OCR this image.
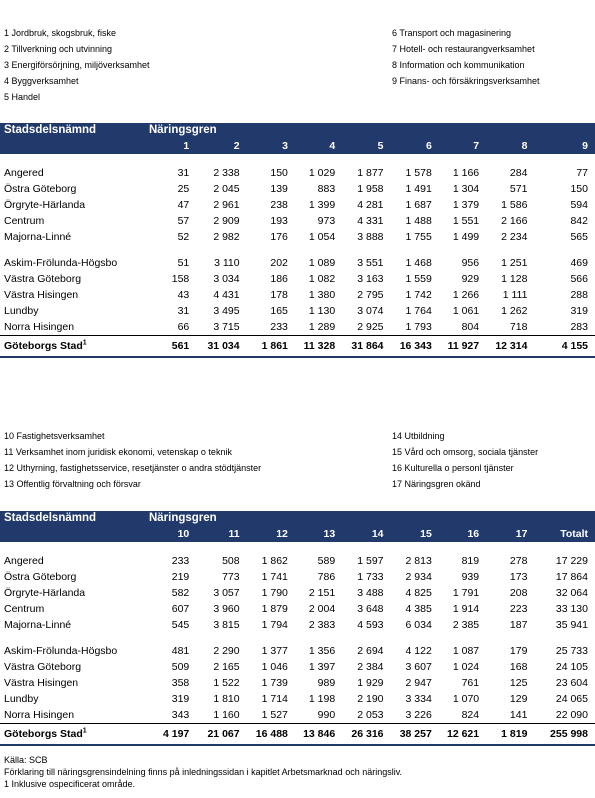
1 Jordbruk, skogsbruk, fiske
2 Tillverkning och utvinning
3 Energiförsörjning, miljöverksamhet
4 Byggverksamhet
5 Handel
6 Transport och magasinering
7 Hotell- och restaurangverksamhet
8 Information och kommunikation
9 Finans- och försäkringsverksamhet
Stadsdelsnämnd	Näringsgren								
	1	2	3	4	5	6	7	8	9

Angered	31	2 338	150	1 029	1 877	1 578	1 166	284	77
Östra Göteborg	25	2 045	139	883	1 958	1 491	1 304	571	150
Örgryte-Härlanda	47	2 961	238	1 399	4 281	1 687	1 379	1 586	594
Centrum	57	2 909	193	973	4 331	1 488	1 551	2 166	842
Majorna-Linné	52	2 982	176	1 054	3 888	1 755	1 499	2 234	565

Askim-Frölunda-Högsbo	51	3 110	202	1 089	3 551	1 468	956	1 251	469
Västra Göteborg	158	3 034	186	1 082	3 163	1 559	929	1 128	566
Västra Hisingen	43	4 431	178	1 380	2 795	1 742	1 266	1 111	288
Lundby	31	3 495	165	1 130	3 074	1 764	1 061	1 262	319
Norra Hisingen	66	3 715	233	1 289	2 925	1 793	804	718	283
Göteborgs Stad$^1$	561	31 034	1 861	11 328	31 864	16 343	11 927	12 314	4 155
10 Fastighetsverksamhet
11 Verksamhet inom juridisk ekonomi, vetenskap o teknik
12 Uthyrning, fastighetsservice, resetjänster o andra stödtjänster
13 Offentlig förvaltning och försvar
14 Utbildning
15 Vård och omsorg, sociala tjänster
16 Kulturella o personl tjänster
17 Näringsgren okänd
Stadsdelsnämnd	Näringsgren								
	10	11	12	13	14	15	16	17	Totalt

Angered	233	508	1 862	589	1 597	2 813	819	278	17 229
Östra Göteborg	219	773	1 741	786	1 733	2 934	939	173	17 864
Örgryte-Härlanda	582	3 057	1 790	2 151	3 488	4 825	1 791	208	32 064
Centrum	607	3 960	1 879	2 004	3 648	4 385	1 914	223	33 130
Majorna-Linné	545	3 815	1 794	2 383	4 593	6 034	2 385	187	35 941

Askim-Frölunda-Högsbo	481	2 290	1 377	1 356	2 694	4 122	1 087	179	25 733
Västra Göteborg	509	2 165	1 046	1 397	2 384	3 607	1 024	168	24 105
Västra Hisingen	358	1 522	1 739	989	1 929	2 947	761	125	23 604
Lundby	319	1 810	1 714	1 198	2 190	3 334	1 070	129	24 065
Norra Hisingen	343	1 160	1 527	990	2 053	3 226	824	141	22 090
Göteborgs Stad$^1$	4 197	21 067	16 488	13 846	26 316	38 257	12 621	1 819	255 998
Källa: SCB
Förklaring till näringsgrensindelning finns på inledningssidan i kapitlet Arbetsmarknad och näringsliv.
1 Inklusive ospecificerat område.
